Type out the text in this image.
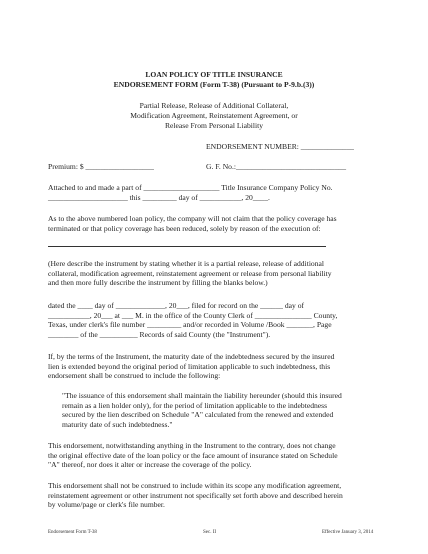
LOAN POLICY OF TITLE INSURANCE
ENDORSEMENT FORM (Form T-38) (Pursuant to P-9.b.(3))
Partial Release, Release of Additional Collateral,
Modification Agreement, Reinstatement Agreement, or
Release From Personal Liability
ENDORSEMENT NUMBER: ______________
Premium: $ __________________	G. F. No.:_____________________________
Attached to and made a part of ____________________ Title Insurance Company Policy No.
_____________________ this _________ day of ___________, 20____.
As to the above numbered loan policy, the company will not claim that the policy coverage has
terminated or that policy coverage has been reduced, solely by reason of the execution of:
(Here describe the instrument by stating whether it is a partial release, release of additional
collateral, modification agreement, reinstatement agreement or release from personal liability
and then more fully describe the instrument by filling the blanks below.)
dated the ____ day of _____________, 20___, filed for record on the ______ day of
___________, 20___ at ___ M. in the office of the County Clerk of _______________ County,
Texas, under clerk's file number _________ and/or recorded in Volume /Book _______, Page
________ of the __________ Records of said County (the "Instrument").
If, by the terms of the Instrument, the maturity date of the indebtedness secured by the insured
lien is extended beyond the original period of limitation applicable to such indebtedness, this
endorsement shall be construed to include the following:
"The issuance of this endorsement shall maintain the liability hereunder (should this insured
remain as a lien holder only), for the period of limitation applicable to the indebtedness
secured by the lien described on Schedule "A" calculated from the renewed and extended
maturity date of such indebtedness."
This endorsement, notwithstanding anything in the Instrument to the contrary, does not change
the original effective date of the loan policy or the face amount of insurance stated on Schedule
"A" thereof, nor does it alter or increase the coverage of the policy.
This endorsement shall not be construed to include within its scope any modification agreement,
reinstatement agreement or other instrument not specifically set forth above and described herein
by volume/page or clerk's file number.
Endorsement Form T-38	Sec. II	Effective January 3, 2014
